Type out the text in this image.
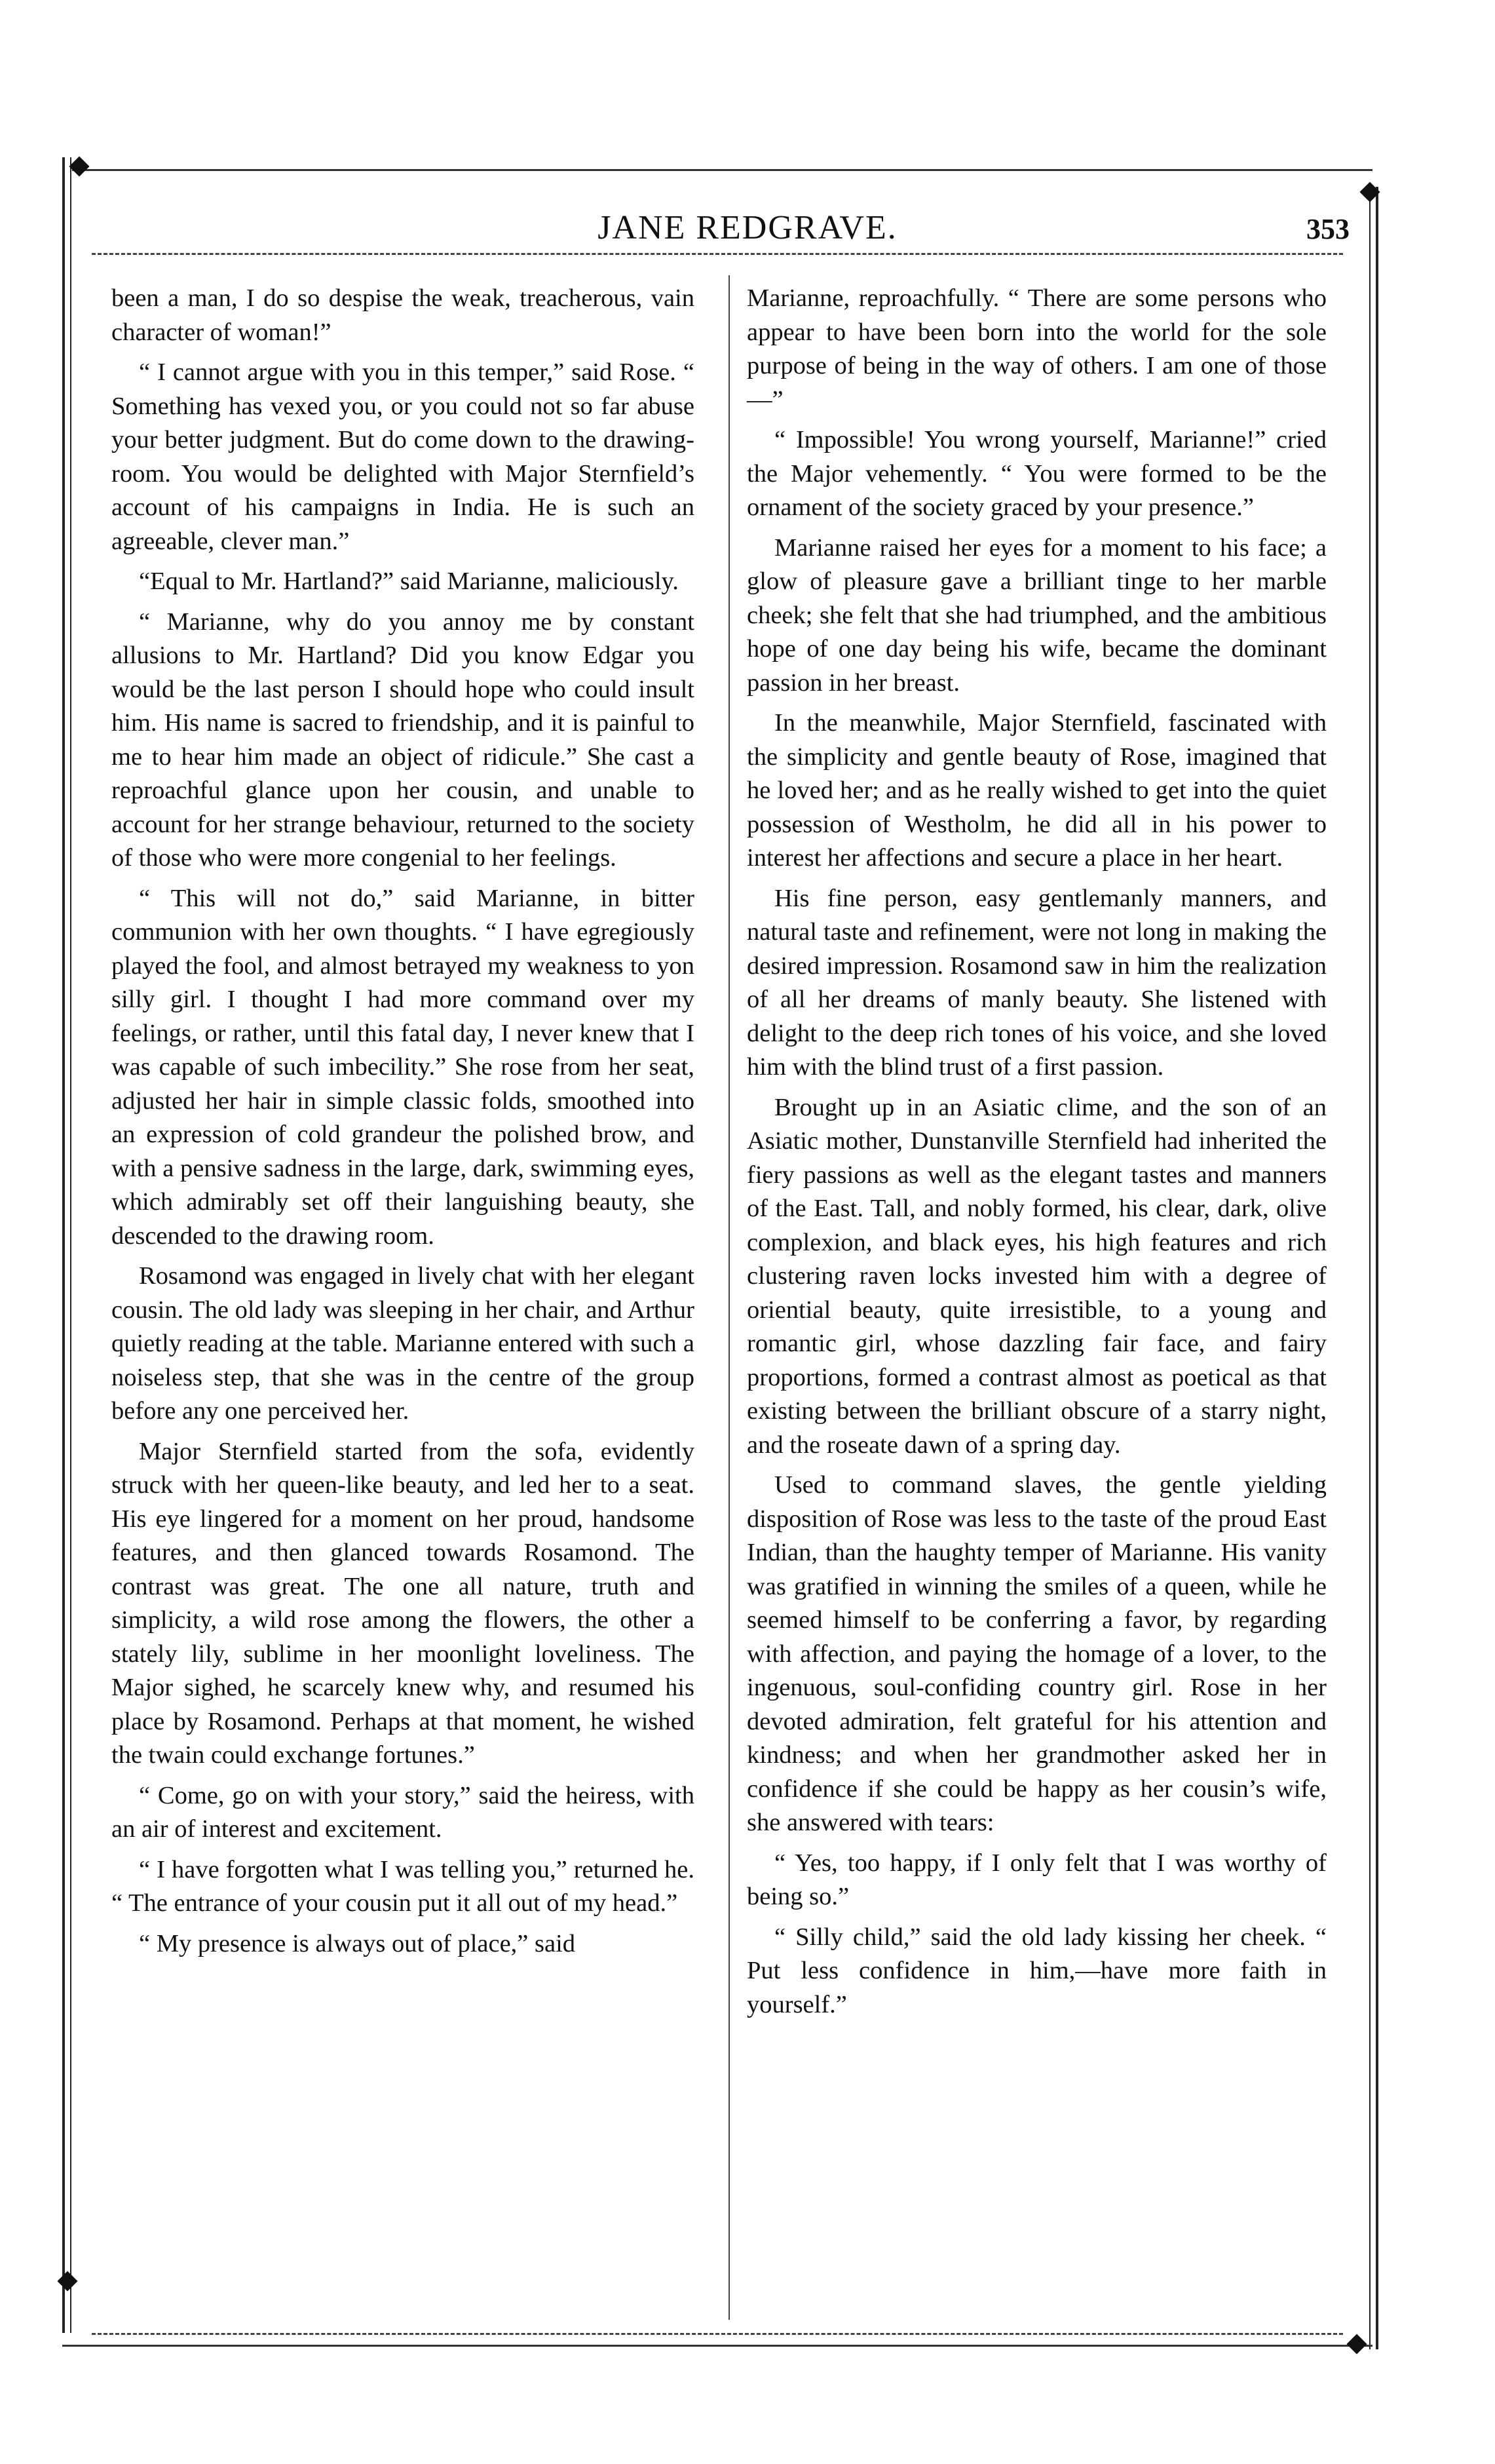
JANE REDGRAVE.	353

been a man, I do so despise the weak, treacherous, vain character of woman!”

“ I cannot argue with you in this temper,” said Rose. “ Something has vexed you, or you could not so far abuse your better judgment. But do come down to the drawing-room. You would be delighted with Major Sternfield’s account of his campaigns in India. He is such an agreeable, clever man.”

“Equal to Mr. Hartland?” said Marianne, maliciously.

“ Marianne, why do you annoy me by constant allusions to Mr. Hartland? Did you know Edgar you would be the last person I should hope who could insult him. His name is sacred to friendship, and it is painful to me to hear him made an object of ridicule.” She cast a reproachful glance upon her cousin, and unable to account for her strange behaviour, returned to the society of those who were more congenial to her feelings.

“ This will not do,” said Marianne, in bitter communion with her own thoughts. “ I have egregiously played the fool, and almost betrayed my weakness to yon silly girl. I thought I had more command over my feelings, or rather, until this fatal day, I never knew that I was capable of such imbecility.” She rose from her seat, adjusted her hair in simple classic folds, smoothed into an expression of cold grandeur the polished brow, and with a pensive sadness in the large, dark, swimming eyes, which admirably set off their languishing beauty, she descended to the drawing room.

Rosamond was engaged in lively chat with her elegant cousin. The old lady was sleeping in her chair, and Arthur quietly reading at the table. Marianne entered with such a noiseless step, that she was in the centre of the group before any one perceived her.

Major Sternfield started from the sofa, evidently struck with her queen-like beauty, and led her to a seat. His eye lingered for a moment on her proud, handsome features, and then glanced towards Rosamond. The contrast was great. The one all nature, truth and simplicity, a wild rose among the flowers, the other a stately lily, sublime in her moonlight loveliness. The Major sighed, he scarcely knew why, and resumed his place by Rosamond. Perhaps at that moment, he wished the twain could exchange fortunes.”

“ Come, go on with your story,” said the heiress, with an air of interest and excitement.

“ I have forgotten what I was telling you,” returned he. “ The entrance of your cousin put it all out of my head.”

“ My presence is always out of place,” said

Marianne, reproachfully. “ There are some persons who appear to have been born into the world for the sole purpose of being in the way of others. I am one of those—”

“ Impossible! You wrong yourself, Marianne!” cried the Major vehemently. “ You were formed to be the ornament of the society graced by your presence.”

Marianne raised her eyes for a moment to his face; a glow of pleasure gave a brilliant tinge to her marble cheek; she felt that she had triumphed, and the ambitious hope of one day being his wife, became the dominant passion in her breast.

In the meanwhile, Major Sternfield, fascinated with the simplicity and gentle beauty of Rose, imagined that he loved her; and as he really wished to get into the quiet possession of Westholm, he did all in his power to interest her affections and secure a place in her heart.

His fine person, easy gentlemanly manners, and natural taste and refinement, were not long in making the desired impression. Rosamond saw in him the realization of all her dreams of manly beauty. She listened with delight to the deep rich tones of his voice, and she loved him with the blind trust of a first passion.

Brought up in an Asiatic clime, and the son of an Asiatic mother, Dunstanville Sternfield had inherited the fiery passions as well as the elegant tastes and manners of the East. Tall, and nobly formed, his clear, dark, olive complexion, and black eyes, his high features and rich clustering raven locks invested him with a degree of oriential beauty, quite irresistible, to a young and romantic girl, whose dazzling fair face, and fairy proportions, formed a contrast almost as poetical as that existing between the brilliant obscure of a starry night, and the roseate dawn of a spring day.

Used to command slaves, the gentle yielding disposition of Rose was less to the taste of the proud East Indian, than the haughty temper of Marianne. His vanity was gratified in winning the smiles of a queen, while he seemed himself to be conferring a favor, by regarding with affection, and paying the homage of a lover, to the ingenuous, soul-confiding country girl. Rose in her devoted admiration, felt grateful for his attention and kindness; and when her grandmother asked her in confidence if she could be happy as her cousin’s wife, she answered with tears:

“ Yes, too happy, if I only felt that I was worthy of being so.”

“ Silly child,” said the old lady kissing her cheek. “ Put less confidence in him,—have more faith in yourself.”
